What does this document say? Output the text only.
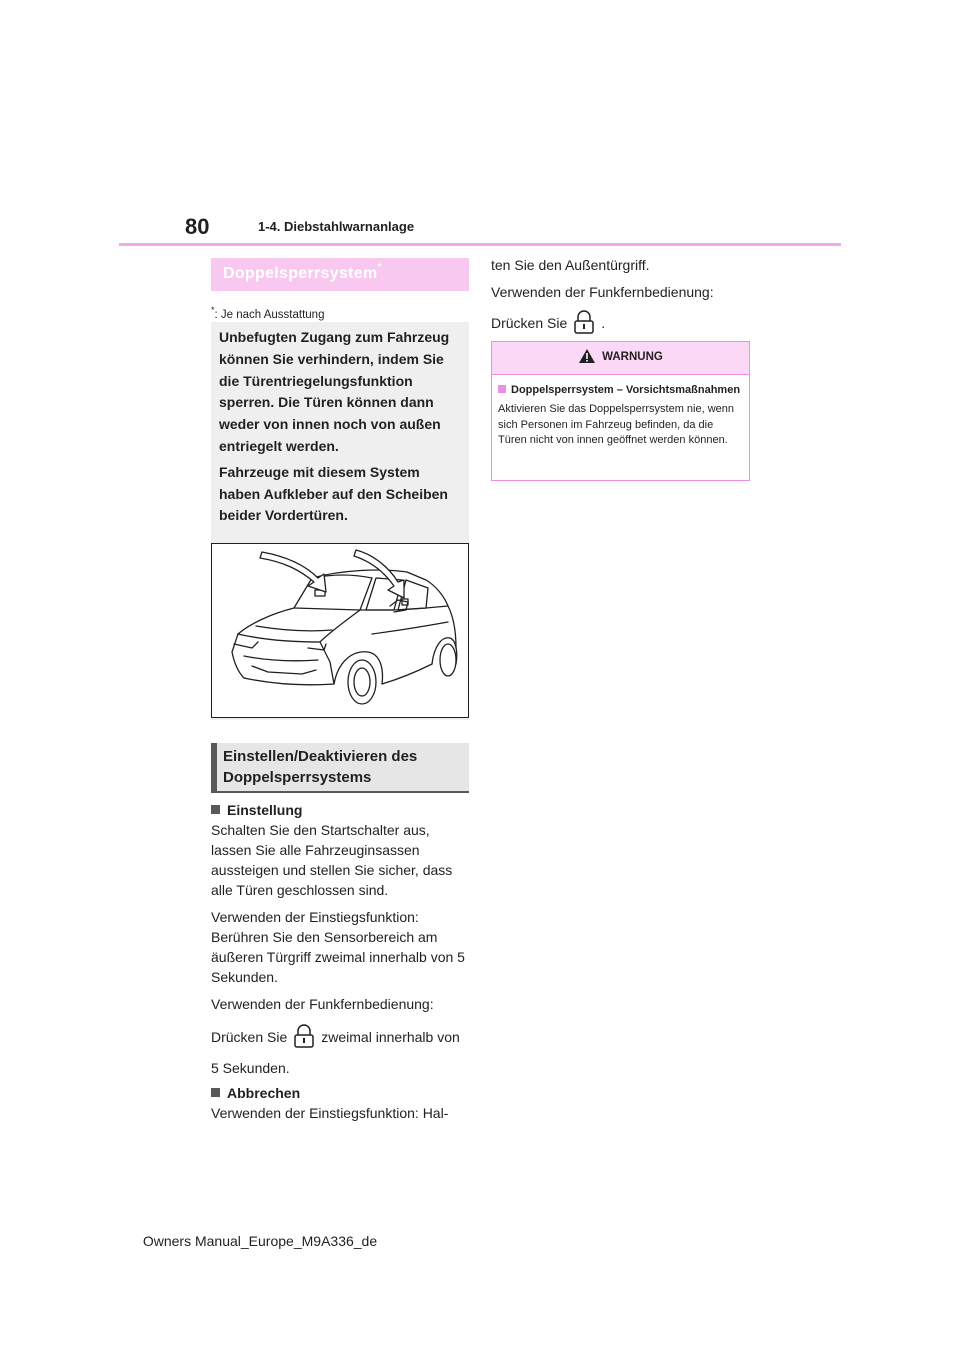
80	1-4. Diebstahlwarnanlage
Doppelsperrsystem*
*: Je nach Ausstattung

Unbefugten Zugang zum Fahrzeug können Sie verhindern, indem Sie die Türentriegelungsfunktion sperren. Die Türen können dann weder von innen noch von außen entriegelt werden.

Fahrzeuge mit diesem System haben Aufkleber auf den Scheiben beider Vordertüren.

Einstellen/Deaktivieren des Doppelsperrsystems

Einstellung

Schalten Sie den Startschalter aus, lassen Sie alle Fahrzeuginsassen aussteigen und stellen Sie sicher, dass alle Türen geschlossen sind.

Verwenden der Einstiegsfunktion: Berühren Sie den Sensorbereich am äußeren Türgriff zweimal innerhalb von 5 Sekunden.

Verwenden der Funkfernbedienung:

Drücken Sie zweimal innerhalb von

5 Sekunden.

Abbrechen

Verwenden der Einstiegsfunktion: Hal-

ten Sie den Außentürgriff.

Verwenden der Funkfernbedienung:

Drücken Sie .

WARNUNG
Doppelsperrsystem – Vorsichtsmaßnahmen
Aktivieren Sie das Doppelsperrsystem nie, wenn sich Personen im Fahrzeug befinden, da die Türen nicht von innen geöffnet werden können.
Owners Manual_Europe_M9A336_de
